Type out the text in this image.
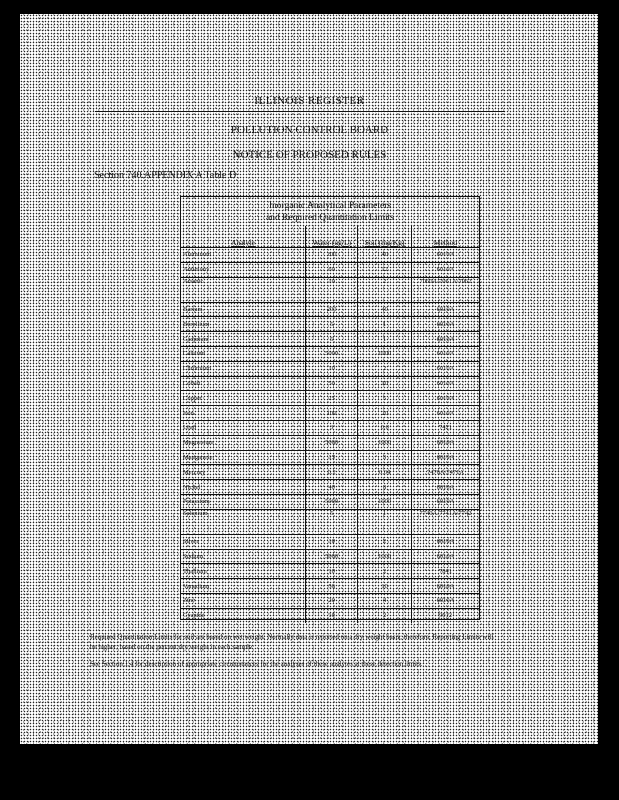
ILLINOIS REGISTER
POLLUTION CONTROL BOARD
NOTICE OF PROPOSED RULES
Section 740.APPENDIX A Table D
Inorganic Analytical Parameters
and Required Quantitation Limits
Analyte	Water (ug/L)	Soil (mg/Kg)	Method
Aluminum	200	40	6010A
Antimony	60	12	6010A
Arsenic	10	2	7060A/7061A/7062
Barium	200	40	6010A
Beryllium	5	1	6010A
Cadmium	5	1	6010A
Calcium	5000	1000	6010A
Chromium	10	2	6010A
Cobalt	50	10	6010A
Copper	25	5	6010A
Iron	100	20	6010A
Lead	3	0.6	7421
Magnesium	5000	1000	6010A
Manganese	15	3	6010A
Mercury	0.2	0.04	7470A/7471A
Nickel	40	8	6010A
Potassium	5000	1000	6010A
Selenium	5	1	7740A/7741A/7742
Silver	10	2	6010A
Sodium	5000	1000	6010A
Thallium	10	2	7841
Vanadium	50	10	6010A
Zinc	20	4	6010A
Cyanide	10	2	9012
Required Quantitation Limits for soil are based on wet weight. Normally data is reported on a dry weight basis; therefore, Reporting Limits will be higher, based on the percent dry weight in each sample.
See Section 1.4 for description of appropriate circumstances for the analyses of these analytes at these detection limits.
